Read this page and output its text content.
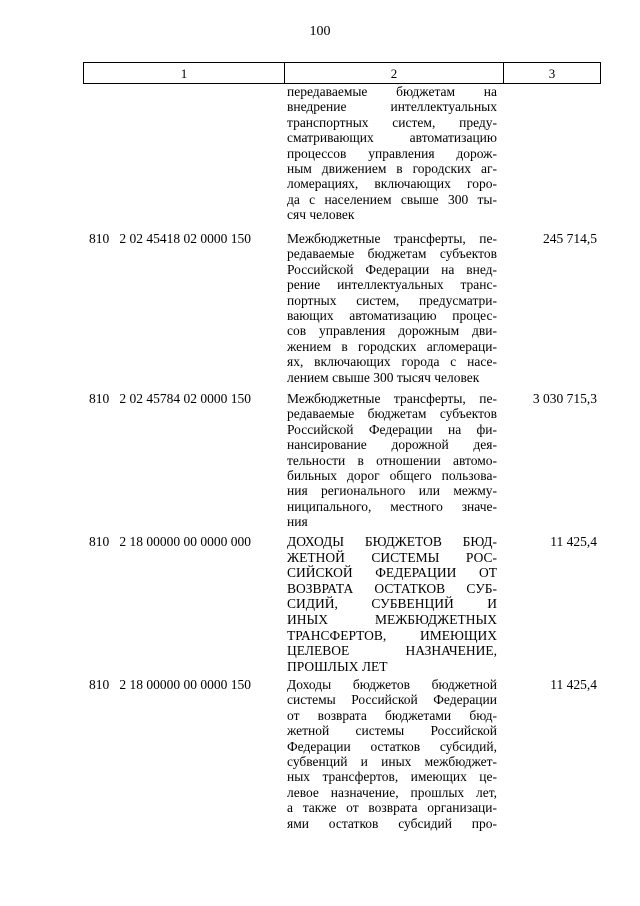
100
1	2	3
передаваемые бюджетам на
внедрение интеллектуальных
транспортных систем, преду-
сматривающих автоматизацию
процессов управления дорож-
ным движением в городских аг-
ломерациях, включающих горо-
да с населением свыше 300 ты-
сяч человек
810   2 02 45418 02 0000 150	Межбюджетные трансферты, пе-
редаваемые бюджетам субъектов
Российской Федерации на внед-
рение интеллектуальных транс-
портных систем, предусматри-
вающих автоматизацию процес-
сов управления дорожным дви-
жением в городских агломераци-
ях, включающих города с насе-
лением свыше 300 тысяч человек
245 714,5
810   2 02 45784 02 0000 150	Межбюджетные трансферты, пе-
редаваемые бюджетам субъектов
Российской Федерации на фи-
нансирование дорожной дея-
тельности в отношении автомо-
бильных дорог общего пользова-
ния регионального или межму-
ниципального, местного значе-
ния
3 030 715,3
810   2 18 00000 00 0000 000	ДОХОДЫ БЮДЖЕТОВ БЮД-
ЖЕТНОЙ СИСТЕМЫ РОС-
СИЙСКОЙ ФЕДЕРАЦИИ ОТ
ВОЗВРАТА ОСТАТКОВ СУБ-
СИДИЙ, СУБВЕНЦИЙ И
ИНЫХ МЕЖБЮДЖЕТНЫХ
ТРАНСФЕРТОВ, ИМЕЮЩИХ
ЦЕЛЕВОЕ НАЗНАЧЕНИЕ,
ПРОШЛЫХ ЛЕТ
11 425,4
810   2 18 00000 00 0000 150	Доходы бюджетов бюджетной
системы Российской Федерации
от возврата бюджетами бюд-
жетной системы Российской
Федерации остатков субсидий,
субвенций и иных межбюджет-
ных трансфертов, имеющих це-
левое назначение, прошлых лет,
а также от возврата организаци-
ями остатков субсидий про-
11 425,4
